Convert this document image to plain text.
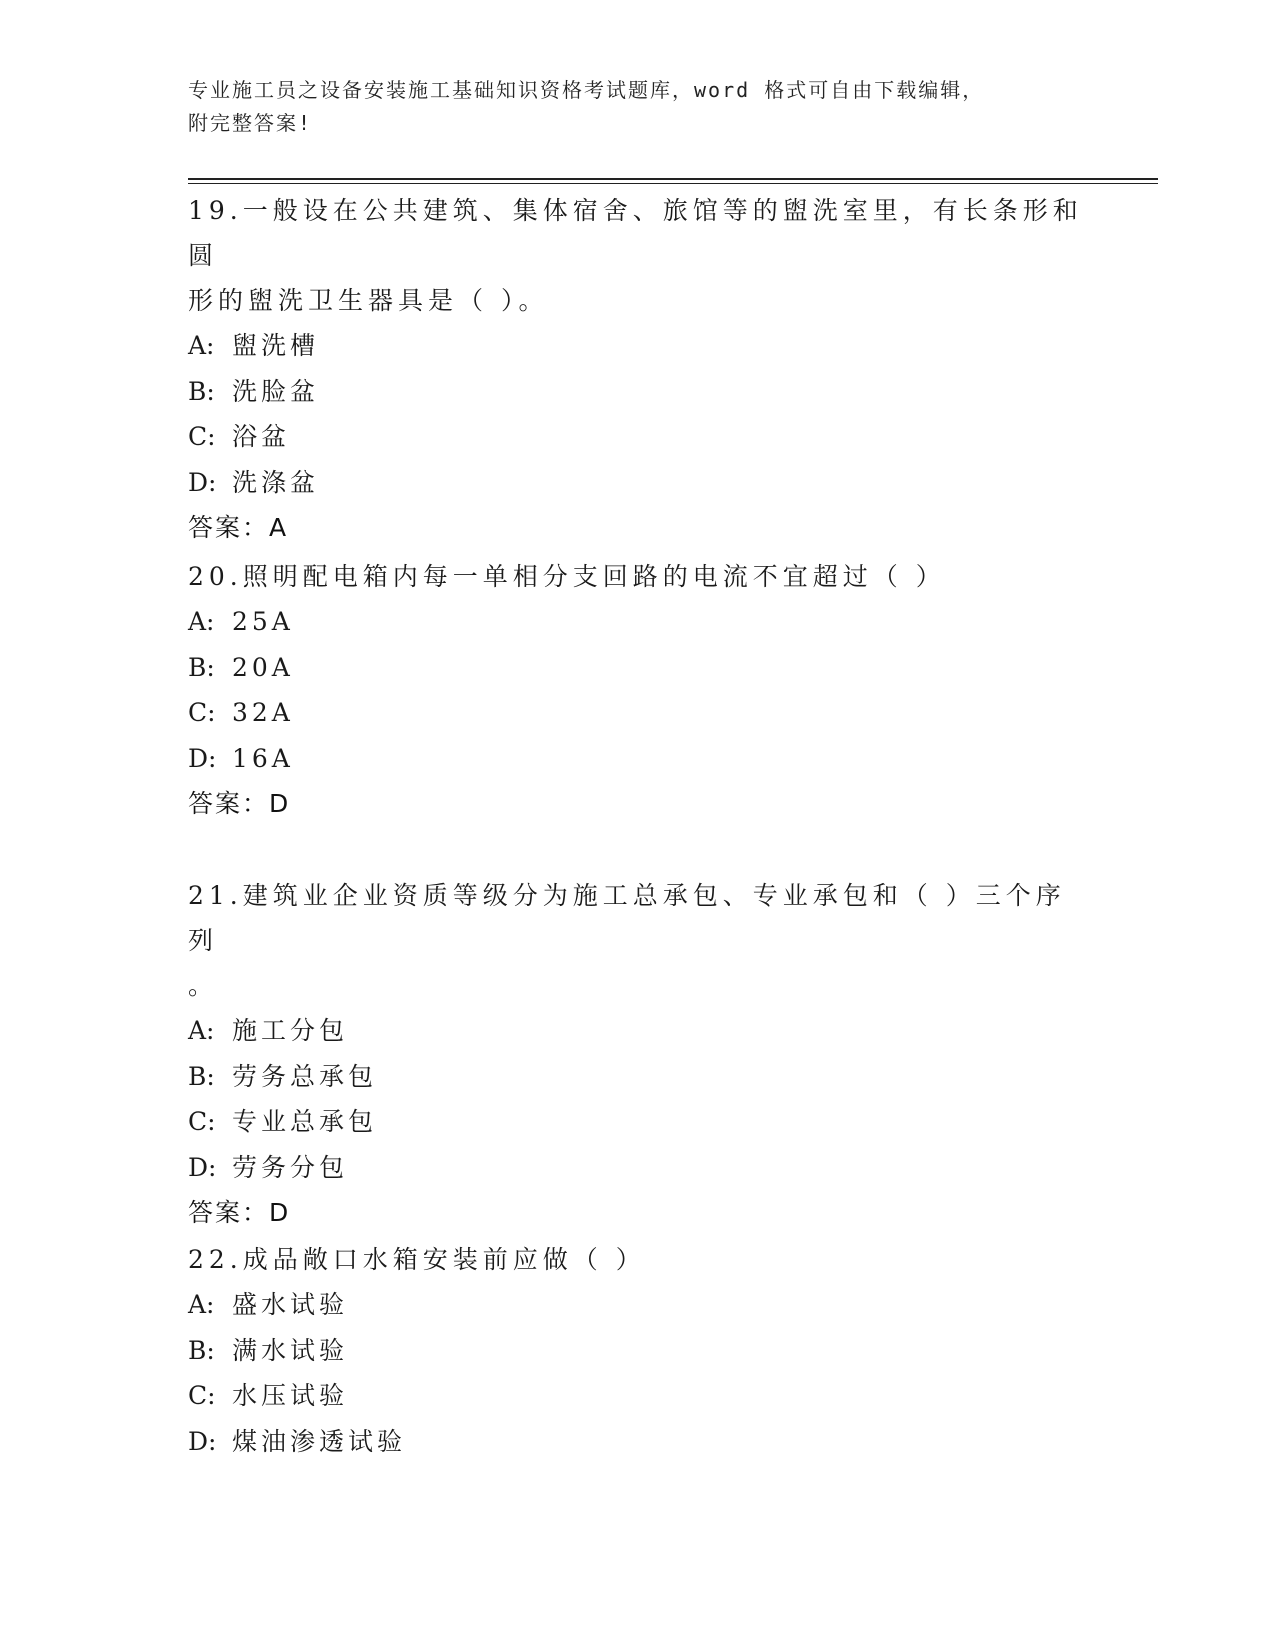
专业施工员之设备安装施工基础知识资格考试题库，word 格式可自由下载编辑，
附完整答案!
19.一般设在公共建筑、集体宿舍、旅馆等的盥洗室里，有长条形和圆
形的盥洗卫生器具是（ ）。
A: 盥洗槽
B: 洗脸盆
C: 浴盆
D: 洗涤盆
答案：A
20.照明配电箱内每一单相分支回路的电流不宜超过（ ）
A: 25A
B: 20A
C: 32A
D: 16A
答案：D
21.建筑业企业资质等级分为施工总承包、专业承包和（ ）三个序列
。
A: 施工分包
B: 劳务总承包
C: 专业总承包
D: 劳务分包
答案：D
22.成品敞口水箱安装前应做（ ）
A: 盛水试验
B: 满水试验
C: 水压试验
D: 煤油渗透试验
